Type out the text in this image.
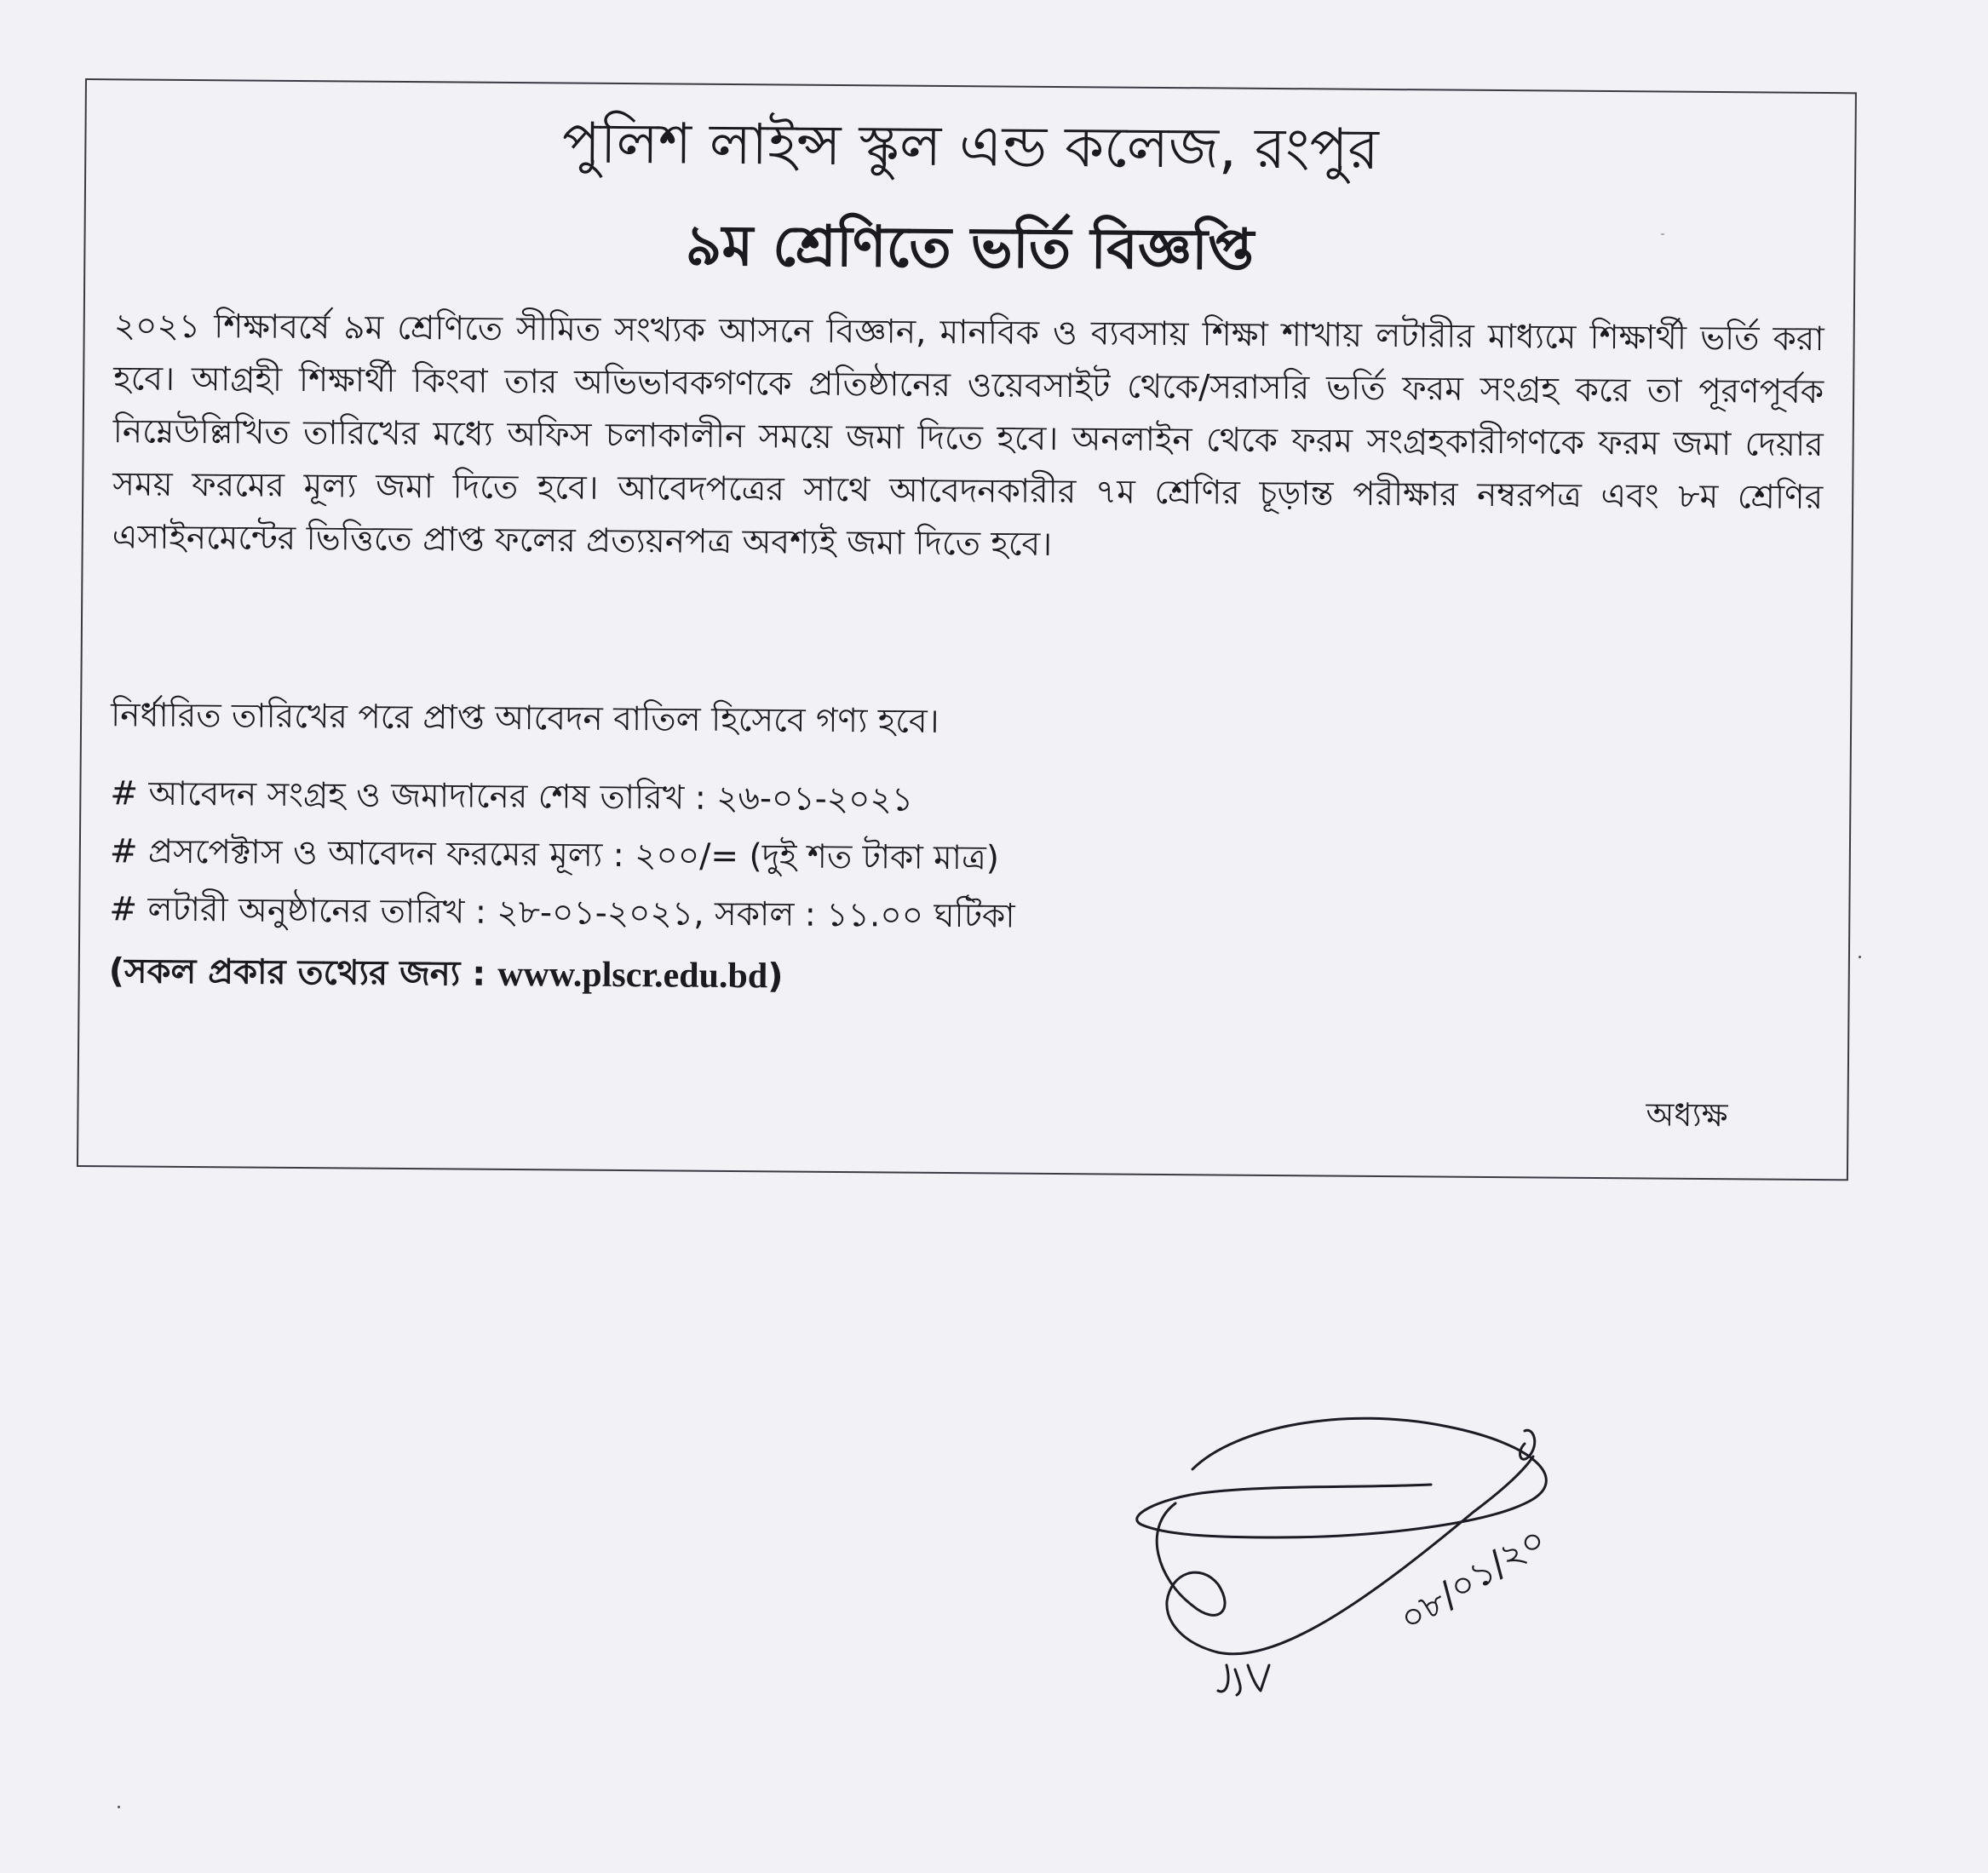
পুলিশ লাইন্স স্কুল এন্ড কলেজ, রংপুর
৯ম শ্রেণিতে ভর্তি বিজ্ঞপ্তি
২০২১ শিক্ষাবর্ষে ৯ম শ্রেণিতে সীমিত সংখ্যক আসনে বিজ্ঞান, মানবিক ও ব্যবসায় শিক্ষা শাখায় লটারীর মাধ্যমে শিক্ষার্থী ভর্তি করা হবে। আগ্রহী শিক্ষার্থী কিংবা তার অভিভাবকগণকে প্রতিষ্ঠানের ওয়েবসাইট থেকে/সরাসরি ভর্তি ফরম সংগ্রহ করে তা পূরণপূর্বক নিম্নেউল্লিখিত তারিখের মধ্যে অফিস চলাকালীন সময়ে জমা দিতে হবে। অনলাইন থেকে ফরম সংগ্রহকারীগণকে ফরম জমা দেয়ার সময় ফরমের মূল্য জমা দিতে হবে। আবেদপত্রের সাথে আবেদনকারীর ৭ম শ্রেণির চূড়ান্ত পরীক্ষার নম্বরপত্র এবং ৮ম শ্রেণির এসাইনমেন্টের ভিত্তিতে প্রাপ্ত ফলের প্রত্যয়নপত্র অবশ্যই জমা দিতে হবে।
নির্ধারিত তারিখের পরে প্রাপ্ত আবেদন বাতিল হিসেবে গণ্য হবে।
# আবেদন সংগ্রহ ও জমাদানের শেষ তারিখ : ২৬-০১-২০২১
# প্রসপেক্টাস ও আবেদন ফরমের মূল্য : ২০০/= (দুই শত টাকা মাত্র)
# লটারী অনুষ্ঠানের তারিখ : ২৮-০১-২০২১, সকাল : ১১.০০ ঘটিকা
(সকল প্রকার তথ্যের জন্য : www.plscr.edu.bd)
অধ্যক্ষ
০৮/০১/২০
